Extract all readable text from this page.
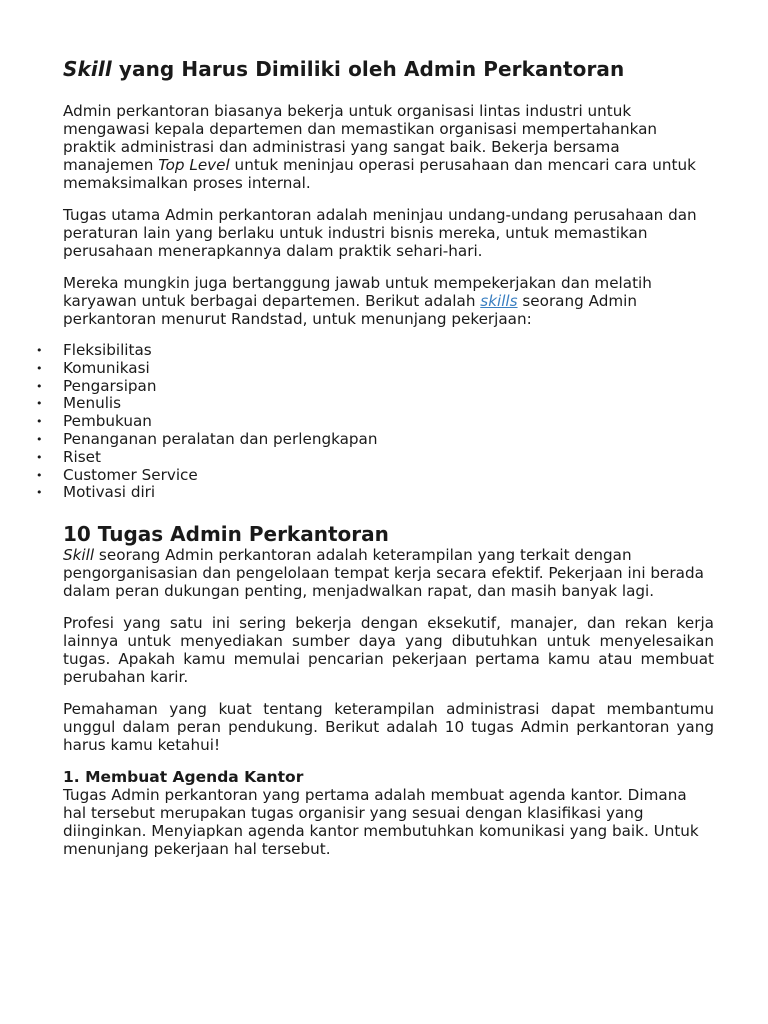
Skill yang Harus Dimiliki oleh Admin Perkantoran

Admin perkantoran biasanya bekerja untuk organisasi lintas industri untuk mengawasi kepala departemen dan memastikan organisasi mempertahankan praktik administrasi dan administrasi yang sangat baik. Bekerja bersama manajemen Top Level untuk meninjau operasi perusahaan dan mencari cara untuk memaksimalkan proses internal.

Tugas utama Admin perkantoran adalah meninjau undang-undang perusahaan dan peraturan lain yang berlaku untuk industri bisnis mereka, untuk memastikan perusahaan menerapkannya dalam praktik sehari-hari.

Mereka mungkin juga bertanggung jawab untuk mempekerjakan dan melatih karyawan untuk berbagai departemen. Berikut adalah skills seorang Admin perkantoran menurut Randstad, untuk menunjang pekerjaan:

• Fleksibilitas
• Komunikasi
• Pengarsipan
• Menulis
• Pembukuan
• Penanganan peralatan dan perlengkapan
• Riset
• Customer Service
• Motivasi diri
10 Tugas Admin Perkantoran

Skill seorang Admin perkantoran adalah keterampilan yang terkait dengan pengorganisasian dan pengelolaan tempat kerja secara efektif. Pekerjaan ini berada dalam peran dukungan penting, menjadwalkan rapat, dan masih banyak lagi.

Profesi yang satu ini sering bekerja dengan eksekutif, manajer, dan rekan kerja lainnya untuk menyediakan sumber daya yang dibutuhkan untuk menyelesaikan tugas. Apakah kamu memulai pencarian pekerjaan pertama kamu atau membuat perubahan karir.

Pemahaman yang kuat tentang keterampilan administrasi dapat membantumu unggul dalam peran pendukung. Berikut adalah 10 tugas Admin perkantoran yang harus kamu ketahui!

1. Membuat Agenda Kantor

Tugas Admin perkantoran yang pertama adalah membuat agenda kantor. Dimana hal tersebut merupakan tugas organisir yang sesuai dengan klasifikasi yang diinginkan. Menyiapkan agenda kantor membutuhkan komunikasi yang baik. Untuk menunjang pekerjaan hal tersebut.
